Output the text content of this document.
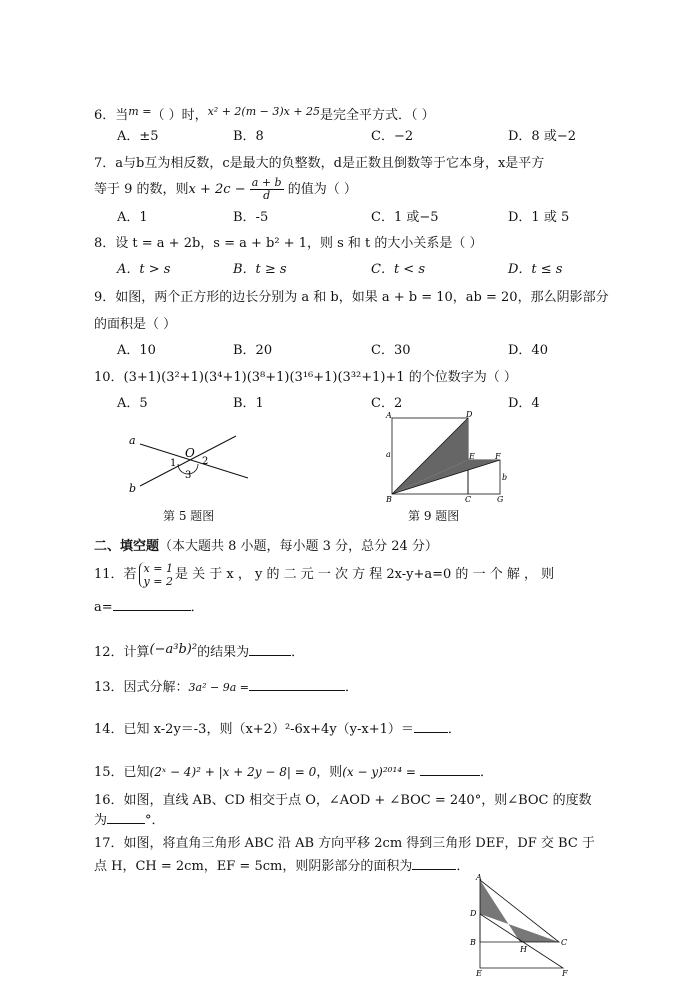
6．当$^{m =}$（ ）时，$^{x^2 + 2(m - 3)x + 25}$是完全平方式．（ ）
A．±5	B．8	C．−2	D．8 或−2
7．a与b互为相反数，c是最大的负整数，d是正数且倒数等于它本身，x是平方
等于 9 的数，则$x + 2c - \frac{a + b}{d}$ 的值为（ ）
A．1	B．-5	C．1 或−5	D．1 或 5
8．设 t = a + 2b，s = a + b² + 1，则 s 和 t 的大小关系是（ ）
A．t > s	B．t ≥ s	C．t < s	D．t ≤ s
9．如图，两个正方形的边长分别为 a 和 b，如果 a + b = 10，ab = 20，那么阴影部分
的面积是（ ）
A．10	B．20	C．30	D．40
10．(3+1)(3²+1)(3⁴+1)(3⁸+1)(3¹⁶+1)(3³²+1)+1 的个位数字为（ ）
A．5	B．1	C．2	D．4
a
b
O
1	2
3
第 5 题图
A	D
E	F
B	C	G
a
b
第 9 题图
二、填空题（本大题共 8 小题，每小题 3 分，总分 24 分）
11．若 x = 1
y = 2 是 关 于 x ， y 的 二 元 一 次 方 程 2x-y+a=0 的 一 个 解 ， 则
a=	．
12．计算(−a³b)²的结果为	．
13．因式分解：3a² − 9a =	．
14．已知 x-2y＝-3，则（x+2）²-6x+4y（y-x+1）＝	．
15．已知(2ˣ − 4)² + |x + 2y − 8| = 0，则(x − y)²⁰¹⁴ =	．
16．如图，直线 AB、CD 相交于点 O，∠AOD + ∠BOC = 240°，则∠BOC 的度数
为	°．
17．如图，将直角三角形 ABC 沿 AB 方向平移 2cm 得到三角形 DEF，DF 交 BC 于
点 H，CH = 2cm，EF = 5cm，则阴影部分的面积为	．
A
D
B
H
C
E	F
